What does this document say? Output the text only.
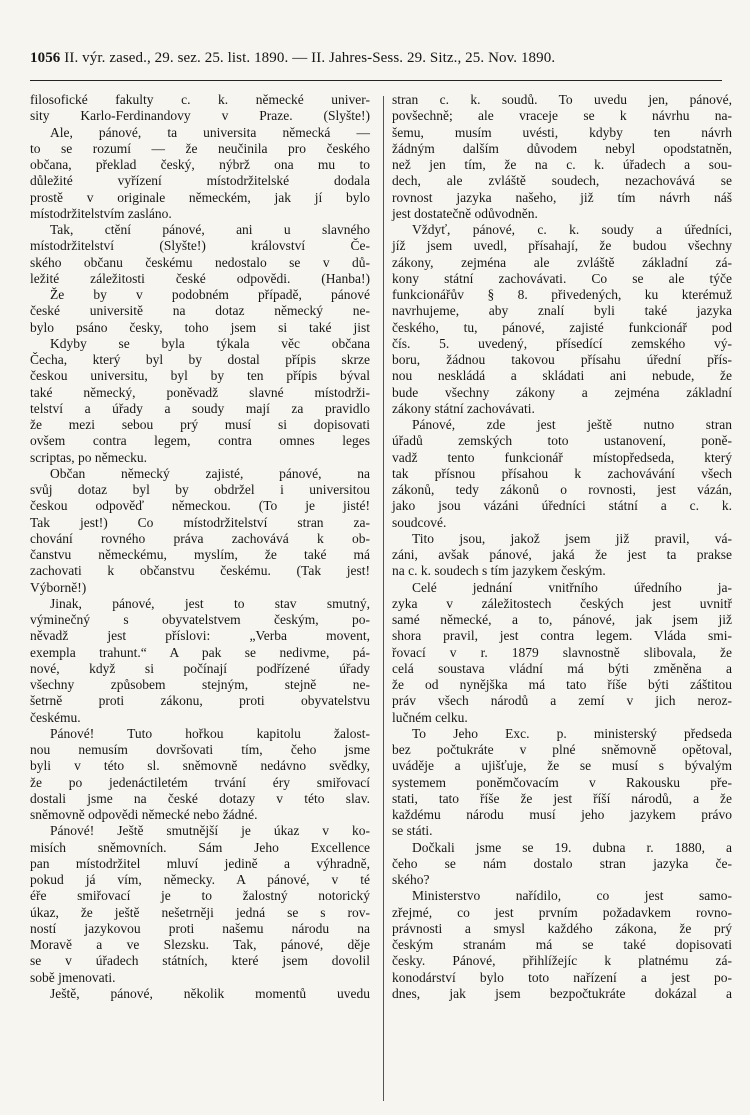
1056 II. výr. zased., 29. sez. 25. list. 1890. — II. Jahres-Sess. 29. Sitz., 25. Nov. 1890.
filosofické fakulty c. k. německé univer-
sity Karlo-Ferdinandovy v Praze. (Slyšte!)
Ale, pánové, ta universita německá —
to se rozumí — že neučinila pro českého
občana, překlad český, nýbrž ona mu to
důležité vyřízení místodržitelské dodala
prostě v originale německém, jak jí bylo
místodržitelstvím zasláno.
Tak, ctění pánové, ani u slavného
místodržitelství (Slyšte!) království Če-
ského občanu českému nedostalo se v dů-
ležité záležitosti české odpovědi. (Hanba!)
Že by v podobném případě, pánové
české universitě na dotaz německý ne-
bylo psáno česky, toho jsem si také jist
Kdyby se byla týkala věc občana
Čecha, který byl by dostal přípis skrze
českou universitu, byl by ten přípis býval
také německý, poněvadž slavné místodrži-
telství a úřady a soudy mají za pravidlo
že mezi sebou prý musí si dopisovati
ovšem contra legem, contra omnes leges
scriptas, po německu.
Občan německý zajisté, pánové, na
svůj dotaz byl by obdržel i universitou
českou odpověď německou. (To je jisté!
Tak jest!) Co místodržitelství stran za-
chování rovného práva zachovává k ob-
čanstvu německému, myslím, že také má
zachovati k občanstvu českému. (Tak jest!
Výborně!)
Jinak, pánové, jest to stav smutný,
výminečný s obyvatelstvem českým, po-
něvadž jest příslovi: „Verba movent,
exempla trahunt.“ A pak se nedivme, pá-
nové, když si počínají podřízené úřady
všechny způsobem stejným, stejně ne-
šetrně proti zákonu, proti obyvatelstvu
českému.
Pánové! Tuto hořkou kapitolu žalost-
nou nemusím dovršovati tím, čeho jsme
byli v této sl. sněmovně nedávno svědky,
že po jedenáctiletém trvání éry smiřovací
dostali jsme na české dotazy v této slav.
sněmovně odpovědi německé nebo žádné.
Pánové! Ještě smutnější je úkaz v ko-
misích sněmovních. Sám Jeho Excellence
pan místodržitel mluví jedině a výhradně,
pokud já vím, německy. A pánové, v té
éře smiřovací je to žalostný notorický
úkaz, že ještě nešetrněji jedná se s rov-
ností jazykovou proti našemu národu na
Moravě a ve Slezsku. Tak, pánové, děje
se v úřadech státních, které jsem dovolil
sobě jmenovati.
Ještě, pánové, několik momentů uvedu
stran c. k. soudů. To uvedu jen, pánové,
povšechně; ale vraceje se k návrhu na-
šemu, musím uvésti, kdyby ten návrh
žádným dalším důvodem nebyl opodstatněn,
než jen tím, že na c. k. úřadech a sou-
dech, ale zvláště soudech, nezachovává se
rovnost jazyka našeho, již tím návrh náš
jest dostatečně odůvodněn.
Vždyť, pánové, c. k. soudy a úředníci,
jíž jsem uvedl, přísahají, že budou všechny
zákony, zejména ale zvláště základní zá-
kony státní zachovávati. Co se ale týče
funkcionářův § 8. přivedených, ku kterémuž
navrhujeme, aby znalí byli také jazyka
českého, tu, pánové, zajisté funkcionář pod
čís. 5. uvedený, přísedící zemského vý-
boru, žádnou takovou přísahu úřední přís-
nou neskládá a skládati ani nebude, že
bude všechny zákony a zejména základní
zákony státní zachovávati.
Pánové, zde jest ještě nutno stran
úřadů zemských toto ustanovení, poně-
vadž tento funkcionář místopředseda, který
tak přísnou přísahou k zachovávání všech
zákonů, tedy zákonů o rovnosti, jest vázán,
jako jsou vázáni úředníci státní a c. k.
soudcové.
Tito jsou, jakož jsem již pravil, vá-
záni, avšak pánové, jaká že jest ta prakse
na c. k. soudech s tím jazykem českým.
Celé jednání vnitřního úředního ja-
zyka v záležitostech českých jest uvnitř
samé německé, a to, pánové, jak jsem již
shora pravil, jest contra legem. Vláda smi-
řovací v r. 1879 slavnostně slibovala, že
celá soustava vládní má býti změněna a
že od nynějška má tato říše býti záštitou
práv všech národů a zemí v jich neroz-
lučném celku.
To Jeho Exc. p. ministerský předseda
bez počtukráte v plné sněmovně opětoval,
uváděje a ujišťuje, že se musí s bývalým
systemem poněmčovacím v Rakousku pře-
stati, tato říše že jest říší národů, a že
každému národu musí jeho jazykem právo
se státi.
Dočkali jsme se 19. dubna r. 1880, a
čeho se nám dostalo stran jazyka če-
ského?
Ministerstvo nařídilo, co jest samo-
zřejmé, co jest prvním požadavkem rovno-
právnosti a smysl každého zákona, že prý
českým stranám má se také dopisovati
česky. Pánové, přihlížejíc k platnému zá-
konodárství bylo toto nařízení a jest po-
dnes, jak jsem bezpočtukráte dokázal a
